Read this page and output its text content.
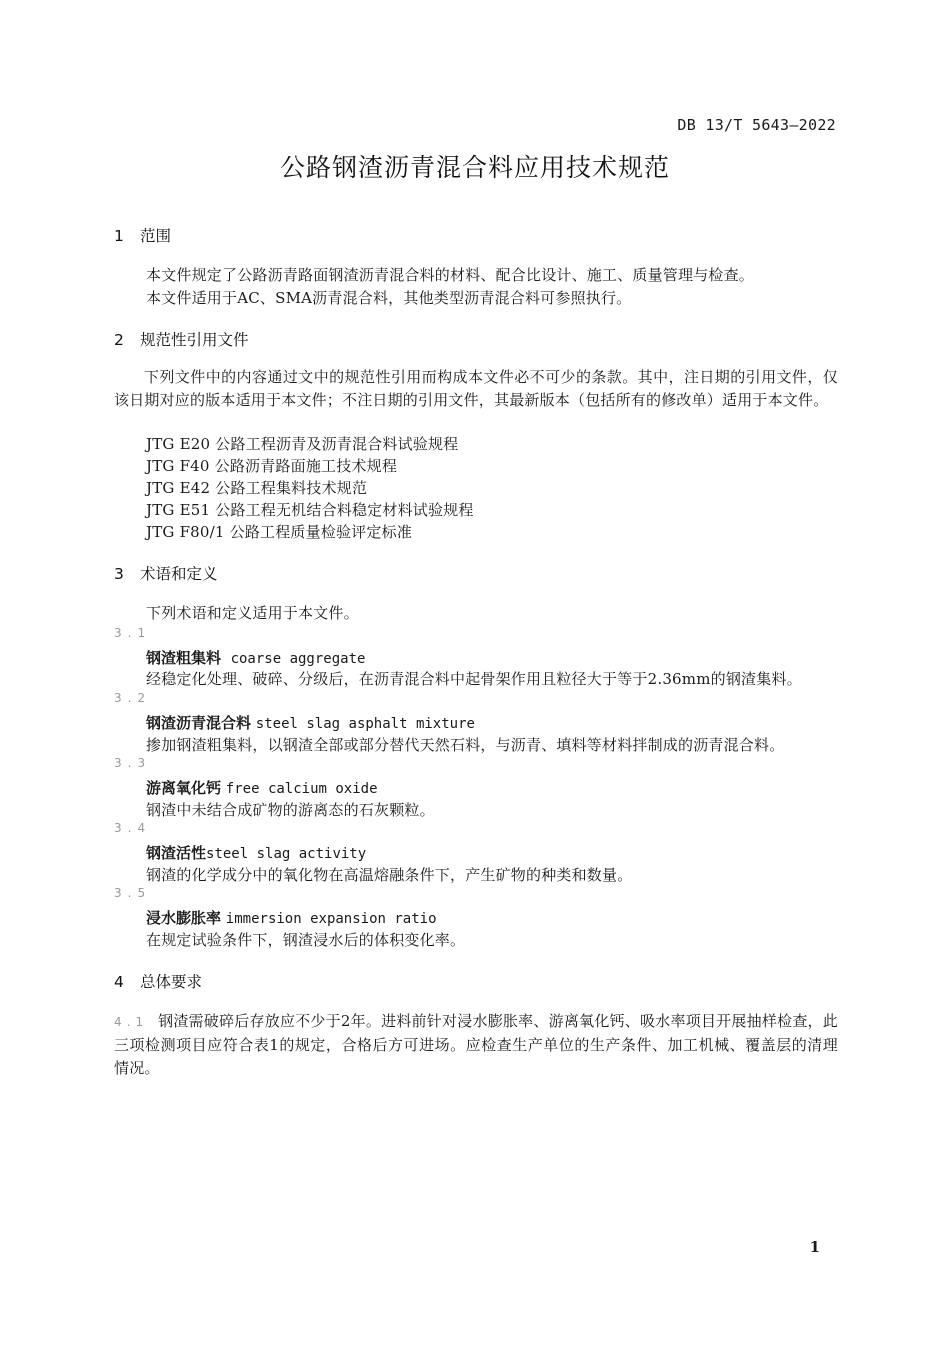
DB 13/T 5643—2022
公路钢渣沥青混合料应用技术规范
1 范围
本文件规定了公路沥青路面钢渣沥青混合料的材料、配合比设计、施工、质量管理与检查。
本文件适用于AC、SMA沥青混合料，其他类型沥青混合料可参照执行。
2 规范性引用文件
下列文件中的内容通过文中的规范性引用而构成本文件必不可少的条款。其中，注日期的引用文件，仅该日期对应的版本适用于本文件；不注日期的引用文件，其最新版本（包括所有的修改单）适用于本文件。
JTG E20 公路工程沥青及沥青混合料试验规程
JTG F40 公路沥青路面施工技术规程
JTG E42 公路工程集料技术规范
JTG E51 公路工程无机结合料稳定材料试验规程
JTG F80/1 公路工程质量检验评定标准
3 术语和定义
下列术语和定义适用于本文件。
3.1
钢渣粗集料 coarse aggregate
经稳定化处理、破碎、分级后，在沥青混合料中起骨架作用且粒径大于等于2.36mm的钢渣集料。
3.2
钢渣沥青混合料 steel slag asphalt mixture
掺加钢渣粗集料，以钢渣全部或部分替代天然石料，与沥青、填料等材料拌制成的沥青混合料。
3.3
游离氧化钙 free calcium oxide
钢渣中未结合成矿物的游离态的石灰颗粒。
3.4
钢渣活性steel slag activity
钢渣的化学成分中的氧化物在高温熔融条件下，产生矿物的种类和数量。
3.5
浸水膨胀率 immersion expansion ratio
在规定试验条件下，钢渣浸水后的体积变化率。
4 总体要求
4.1 钢渣需破碎后存放应不少于2年。进料前针对浸水膨胀率、游离氧化钙、吸水率项目开展抽样检查，此三项检测项目应符合表1的规定，合格后方可进场。应检查生产单位的生产条件、加工机械、覆盖层的清理情况。
1
